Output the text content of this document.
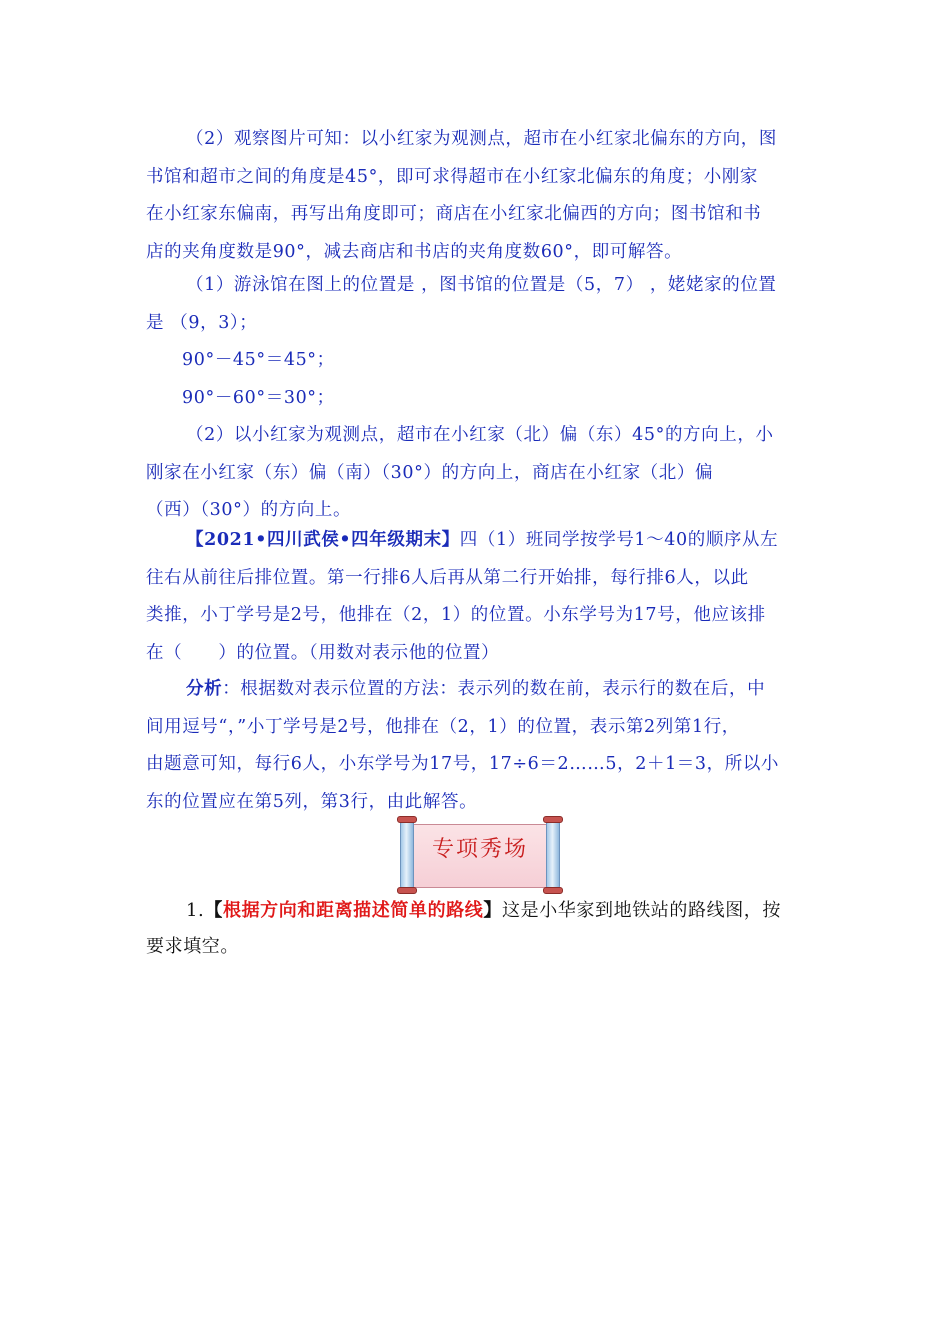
（2）观察图片可知：以小红家为观测点，超市在小红家北偏东的方向，图

书馆和超市之间的角度是45°，即可求得超市在小红家北偏东的角度；小刚家

在小红家东偏南，再写出角度即可；商店在小红家北偏西的方向；图书馆和书

店的夹角度数是90°，减去商店和书店的夹角度数60°，即可解答。

（1）游泳馆在图上的位置是 ，图书馆的位置是（5，7） ，姥姥家的位置

是 （9，3）；

90°－45°＝45°；

90°－60°＝30°；

（2）以小红家为观测点，超市在小红家（北）偏（东）45°的方向上，小

刚家在小红家（东）偏（南）（30°）的方向上，商店在小红家（北）偏

（西）（30°）的方向上。

【2021•四川武侯•四年级期末】四（1）班同学按学号1～40的顺序从左

往右从前往后排位置。第一行排6人后再从第二行开始排，每行排6人，以此

类推，小丁学号是2号，他排在（2，1）的位置。小东学号为17号，他应该排

在（　　）的位置。（用数对表示他的位置）

分析：根据数对表示位置的方法：表示列的数在前，表示行的数在后，中

间用逗号“，”小丁学号是2号，他排在（2，1）的位置，表示第2列第1行，

由题意可知，每行6人，小东学号为17号，17÷6＝2……5，2＋1＝3，所以小

东的位置应在第5列，第3行，由此解答。

专项秀场

1.【根据方向和距离描述简单的路线】这是小华家到地铁站的路线图，按

要求填空。
